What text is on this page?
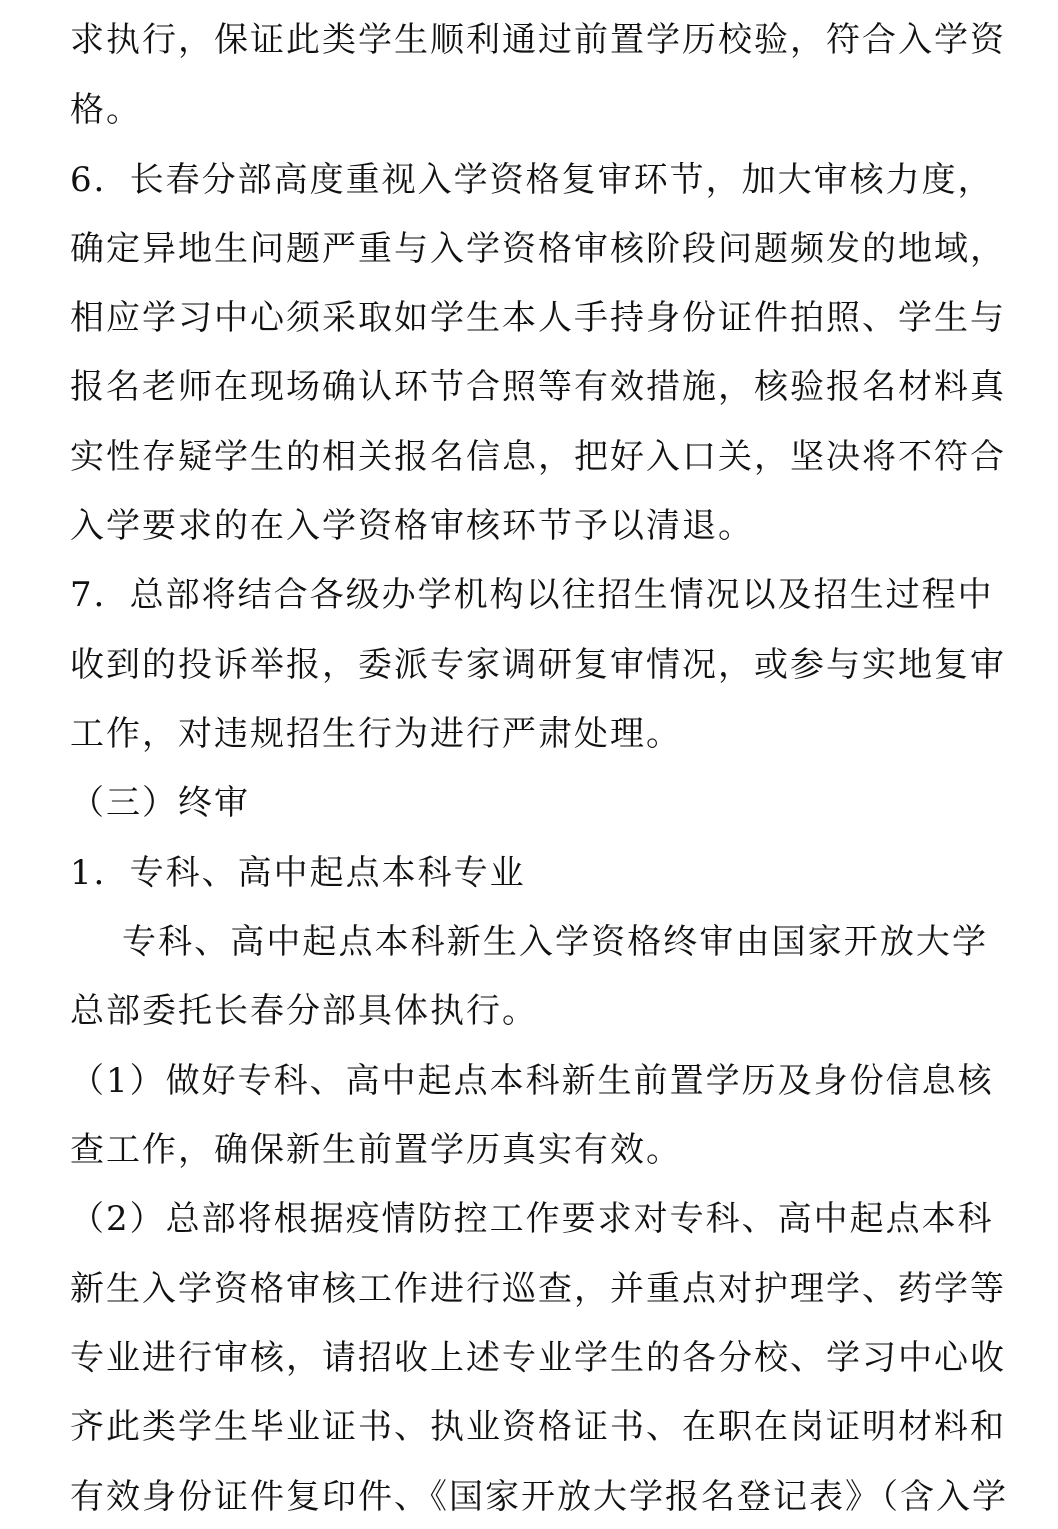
求执行，保证此类学生顺利通过前置学历校验，符合入学资
格。
6．长春分部高度重视入学资格复审环节，加大审核力度，
确定异地生问题严重与入学资格审核阶段问题频发的地域，
相应学习中心须采取如学生本人手持身份证件拍照、学生与
报名老师在现场确认环节合照等有效措施，核验报名材料真
实性存疑学生的相关报名信息，把好入口关，坚决将不符合
入学要求的在入学资格审核环节予以清退。
7．总部将结合各级办学机构以往招生情况以及招生过程中
收到的投诉举报，委派专家调研复审情况，或参与实地复审
工作，对违规招生行为进行严肃处理。
（三）终审
1．专科、高中起点本科专业
专科、高中起点本科新生入学资格终审由国家开放大学
总部委托长春分部具体执行。
（1）做好专科、高中起点本科新生前置学历及身份信息核
查工作，确保新生前置学历真实有效。
（2）总部将根据疫情防控工作要求对专科、高中起点本科
新生入学资格审核工作进行巡查，并重点对护理学、药学等
专业进行审核，请招收上述专业学生的各分校、学习中心收
齐此类学生毕业证书、执业资格证书、在职在岗证明材料和
有效身份证件复印件、《国家开放大学报名登记表》（含入学
